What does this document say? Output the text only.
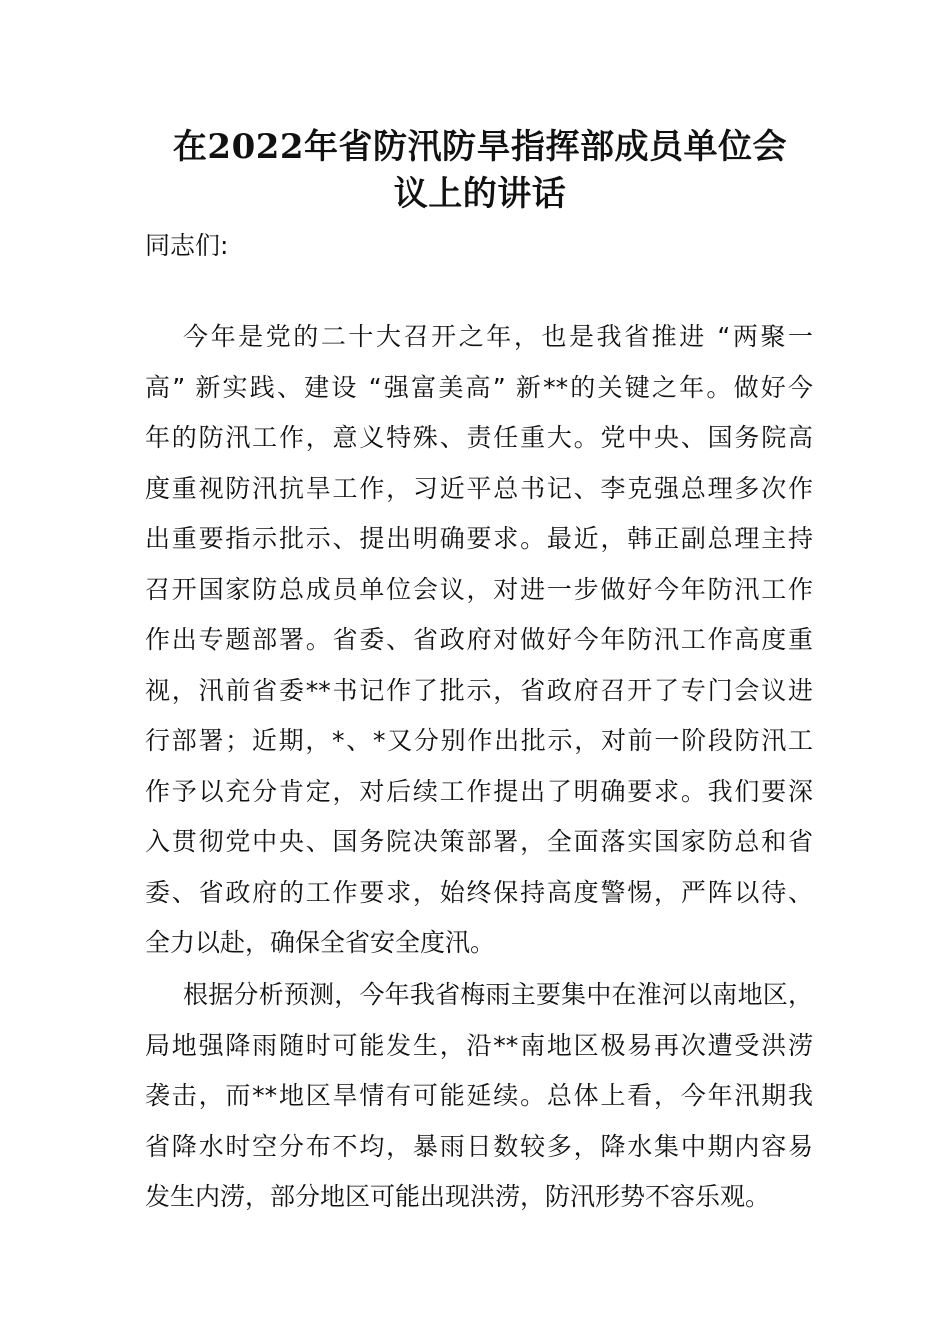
在2022年省防汛防旱指挥部成员单位会
议上的讲话

同志们:

今年是党的二十大召开之年，也是我省推进 “两聚一
高” 新实践、建设 “强富美高” 新**的关键之年。做好今
年的防汛工作，意义特殊、责任重大。党中央、国务院高
度重视防汛抗旱工作，习近平总书记、李克强总理多次作
出重要指示批示、提出明确要求。最近，韩正副总理主持
召开国家防总成员单位会议，对进一步做好今年防汛工作
作出专题部署。省委、省政府对做好今年防汛工作高度重
视，汛前省委**书记作了批示，省政府召开了专门会议进
行部署；近期，*、*又分别作出批示，对前一阶段防汛工
作予以充分肯定，对后续工作提出了明确要求。我们要深
入贯彻党中央、国务院决策部署，全面落实国家防总和省
委、省政府的工作要求，始终保持高度警惕，严阵以待、
全力以赴，确保全省安全度汛。
根据分析预测，今年我省梅雨主要集中在淮河以南地区，
局地强降雨随时可能发生，沿**南地区极易再次遭受洪涝
袭击，而**地区旱情有可能延续。总体上看，今年汛期我
省降水时空分布不均，暴雨日数较多，降水集中期内容易
发生内涝，部分地区可能出现洪涝，防汛形势不容乐观。
